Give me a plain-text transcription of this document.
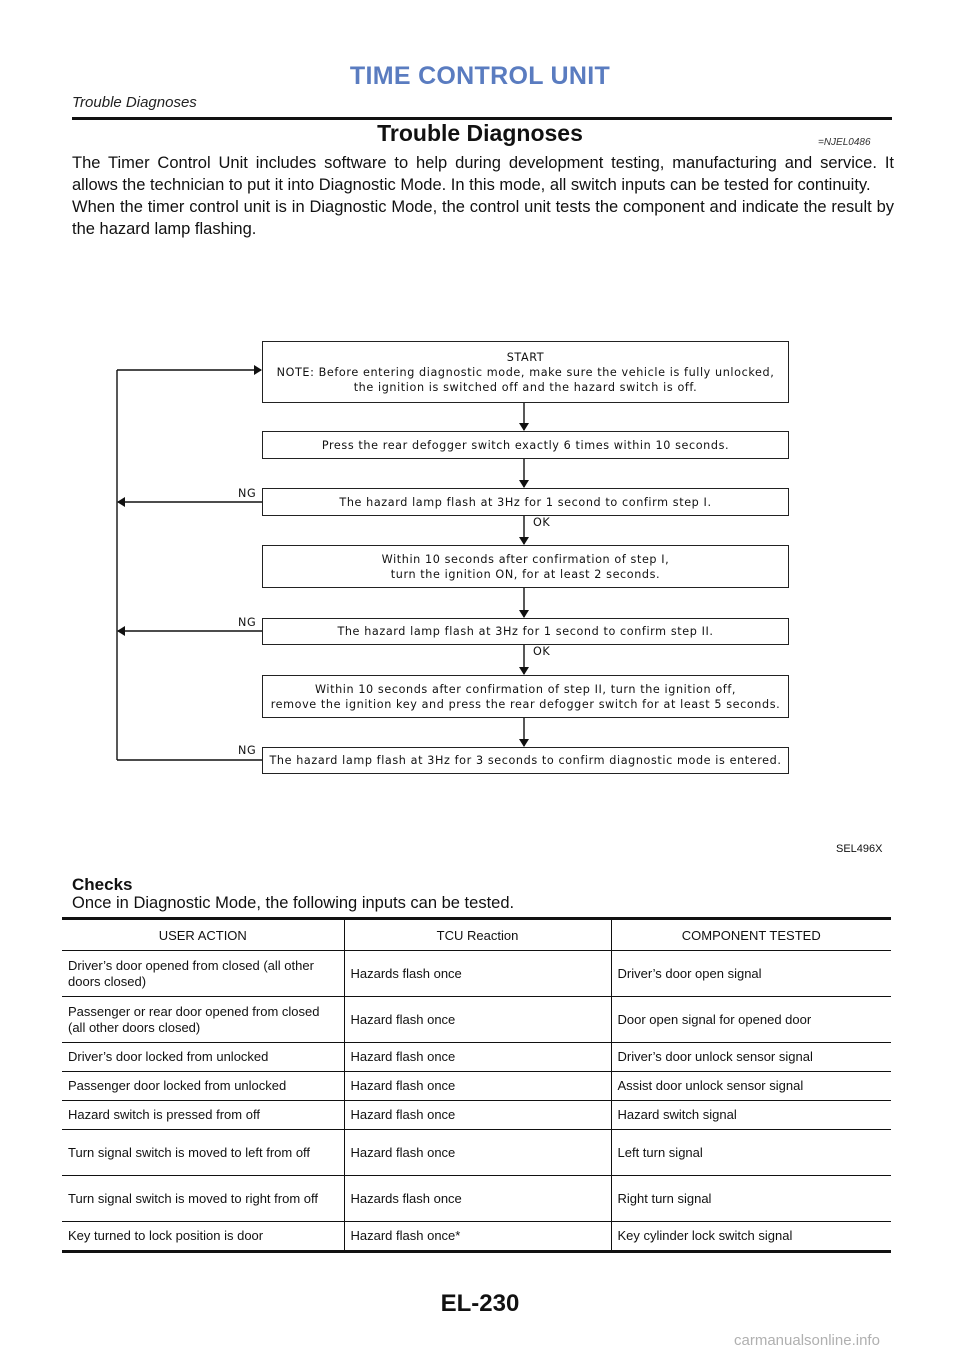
TIME CONTROL UNIT
Trouble Diagnoses
Trouble Diagnoses	=NJEL0486

The Timer Control Unit includes software to help during development testing, manufacturing and service. It allows the technician to put it into Diagnostic Mode. In this mode, all switch inputs can be tested for continuity.

When the timer control unit is in Diagnostic Mode, the control unit tests the component and indicate the result by the hazard lamp flashing.

START
NOTE: Before entering diagnostic mode, make sure the vehicle is fully unlocked,
the ignition is switched off and the hazard switch is off.
Press the rear defogger switch exactly 6 times within 10 seconds.
The hazard lamp flash at 3Hz for 1 second to confirm step I.
Within 10 seconds after confirmation of step I,
turn the ignition ON, for at least 2 seconds.
The hazard lamp flash at 3Hz for 1 second to confirm step II.
Within 10 seconds after confirmation of step II, turn the ignition off,
remove the ignition key and press the rear defogger switch for at least 5 seconds.
The hazard lamp flash at 3Hz for 3 seconds to confirm diagnostic mode is entered.
NG
OK
NG
OK
NG
SEL496X
Checks
Once in Diagnostic Mode, the following inputs can be tested.
USER ACTION	TCU Reaction	COMPONENT TESTED
Driver’s door opened from closed (all other doors closed)	Hazards flash once	Driver’s door open signal
Passenger or rear door opened from closed (all other doors closed)	Hazard flash once	Door open signal for opened door
Driver’s door locked from unlocked	Hazard flash once	Driver’s door unlock sensor signal
Passenger door locked from unlocked	Hazard flash once	Assist door unlock sensor signal
Hazard switch is pressed from off	Hazard flash once	Hazard switch signal
Turn signal switch is moved to left from off	Hazard flash once	Left turn signal
Turn signal switch is moved to right from off	Hazards flash once	Right turn signal
Key turned to lock position is door	Hazard flash once*	Key cylinder lock switch signal
EL-230
carmanualsonline.info
